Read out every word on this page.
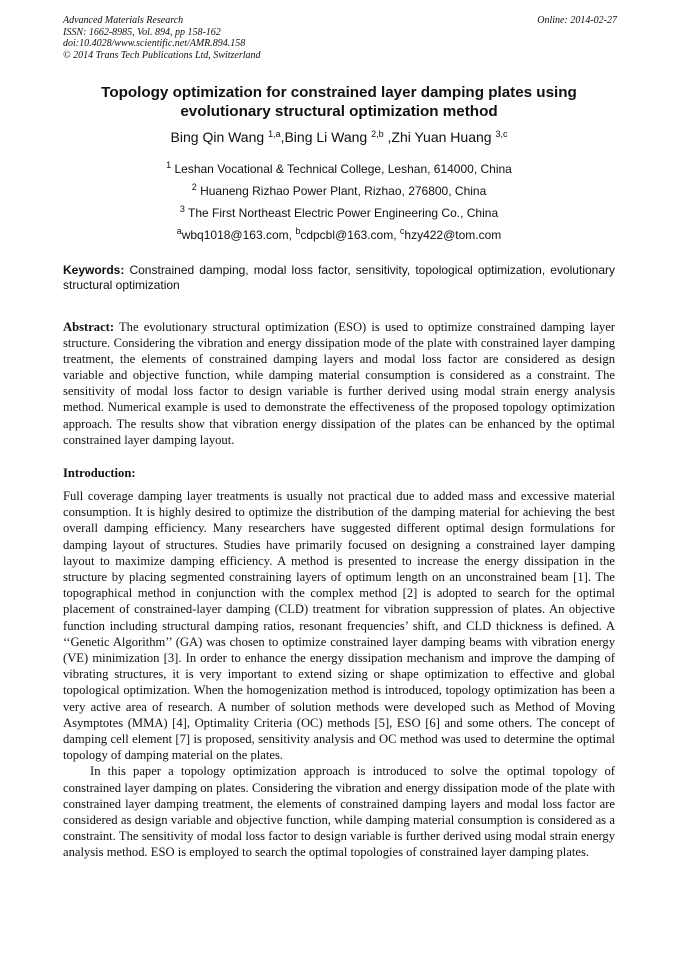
Advanced Materials Research
ISSN: 1662-8985, Vol. 894, pp 158-162
doi:10.4028/www.scientific.net/AMR.894.158
© 2014 Trans Tech Publications Ltd, Switzerland
Online: 2014-02-27
Topology optimization for constrained layer damping plates using
evolutionary structural optimization method
Bing Qin Wang $^{1,a}$,Bing Li Wang $^{2,b}$ ,Zhi Yuan Huang $^{3,c}$
$^1$ Leshan Vocational & Technical College, Leshan, 614000, China
$^2$ Huaneng Rizhao Power Plant, Rizhao, 276800, China
$^3$ The First Northeast Electric Power Engineering Co., China
$^a$wbq1018@163.com, $^b$cdpcbl@163.com, $^c$hzy422@tom.com
Keywords: Constrained damping, modal loss factor, sensitivity, topological optimization, evolutionary structural optimization
Abstract: The evolutionary structural optimization (ESO) is used to optimize constrained damping layer structure. Considering the vibration and energy dissipation mode of the plate with constrained layer damping treatment, the elements of constrained damping layers and modal loss factor are considered as design variable and objective function, while damping material consumption is considered as a constraint. The sensitivity of modal loss factor to design variable is further derived using modal strain energy analysis method. Numerical example is used to demonstrate the effectiveness of the proposed topology optimization approach. The results show that vibration energy dissipation of the plates can be enhanced by the optimal constrained layer damping layout.
Introduction:

Full coverage damping layer treatments is usually not practical due to added mass and excessive material consumption. It is highly desired to optimize the distribution of the damping material for achieving the best overall damping efficiency. Many researchers have suggested different optimal design formulations for damping layout of structures. Studies have primarily focused on designing a constrained layer damping layout to maximize damping efficiency. A method is presented to increase the energy dissipation in the structure by placing segmented constraining layers of optimum length on an unconstrained beam [1]. The topographical method in conjunction with the complex method [2] is adopted to search for the optimal placement of constrained-layer damping (CLD) treatment for vibration suppression of plates. An objective function including structural damping ratios, resonant frequencies’ shift, and CLD thickness is defined. A ‘‘Genetic Algorithm’’ (GA) was chosen to optimize constrained layer damping beams with vibration energy (VE) minimization [3]. In order to enhance the energy dissipation mechanism and improve the damping of vibrating structures, it is very important to extend sizing or shape optimization to effective and global topological optimization. When the homogenization method is introduced, topology optimization has been a very active area of research. A number of solution methods were developed such as Method of Moving Asymptotes (MMA) [4], Optimality Criteria (OC) methods [5], ESO [6] and some others. The concept of damping cell element [7] is proposed, sensitivity analysis and OC method was used to determine the optimal topology of damping material on the plates.

In this paper a topology optimization approach is introduced to solve the optimal topology of constrained layer damping on plates. Considering the vibration and energy dissipation mode of the plate with constrained layer damping treatment, the elements of constrained damping layers and modal loss factor are considered as design variable and objective function, while damping material consumption is considered as a constraint. The sensitivity of modal loss factor to design variable is further derived using modal strain energy analysis method. ESO is employed to search the optimal topologies of constrained layer damping plates.
